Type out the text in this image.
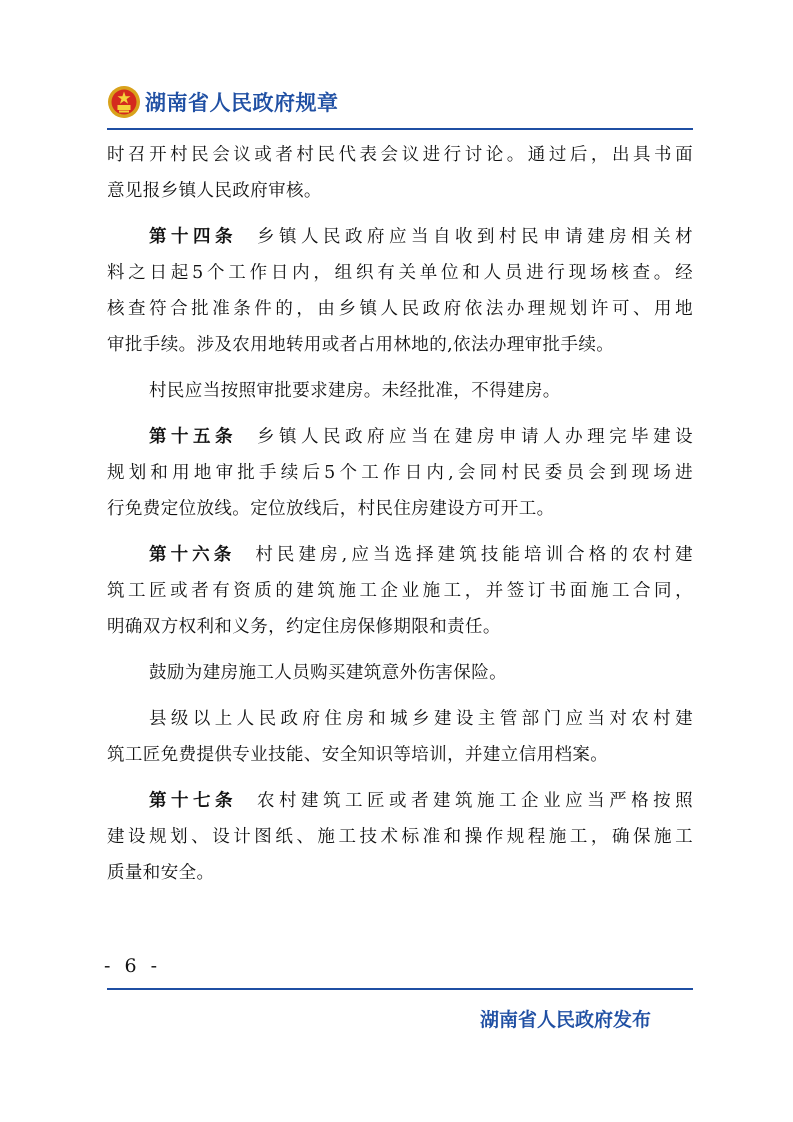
湖南省人民政府规章
时召开村民会议或者村民代表会议进行讨论。通过后，出具书面
意见报乡镇人民政府审核。
第十四条 乡镇人民政府应当自收到村民申请建房相关材
料之日起5个工作日内，组织有关单位和人员进行现场核查。经
核查符合批准条件的，由乡镇人民政府依法办理规划许可、用地
审批手续。涉及农用地转用或者占用林地的,依法办理审批手续。
村民应当按照审批要求建房。未经批准，不得建房。
第十五条 乡镇人民政府应当在建房申请人办理完毕建设
规划和用地审批手续后5个工作日内,会同村民委员会到现场进
行免费定位放线。定位放线后，村民住房建设方可开工。
第十六条 村民建房,应当选择建筑技能培训合格的农村建
筑工匠或者有资质的建筑施工企业施工，并签订书面施工合同，
明确双方权利和义务，约定住房保修期限和责任。
鼓励为建房施工人员购买建筑意外伤害保险。
县级以上人民政府住房和城乡建设主管部门应当对农村建
筑工匠免费提供专业技能、安全知识等培训，并建立信用档案。
第十七条 农村建筑工匠或者建筑施工企业应当严格按照
建设规划、设计图纸、施工技术标准和操作规程施工，确保施工
质量和安全。
- 6 -
湖南省人民政府发布
